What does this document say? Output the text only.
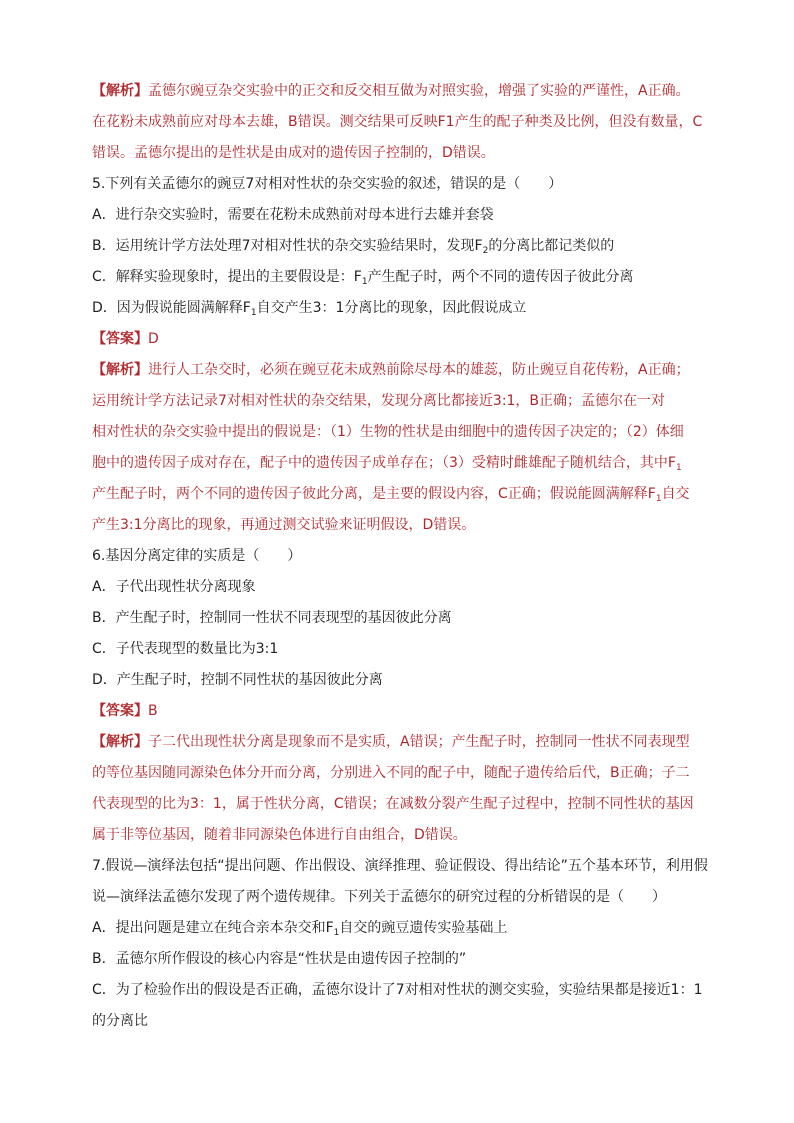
【解析】孟德尔豌豆杂交实验中的正交和反交相互做为对照实验，增强了实验的严谨性，A正确。
在花粉未成熟前应对母本去雄，B错误。测交结果可反映F1产生的配子种类及比例，但没有数量，C
错误。孟德尔提出的是性状是由成对的遗传因子控制的，D错误。
5.下列有关孟德尔的豌豆7对相对性状的杂交实验的叙述，错误的是（　　）
A．进行杂交实验时，需要在花粉未成熟前对母本进行去雄并套袋
B．运用统计学方法处理7对相对性状的杂交实验结果时，发现$F_2$的分离比都记类似的
C．解释实验现象时，提出的主要假设是：$F_1$产生配子时，两个不同的遗传因子彼此分离
D．因为假说能圆满解释$F_1$自交产生3：1分离比的现象，因此假说成立
【答案】D
【解析】进行人工杂交时，必须在豌豆花未成熟前除尽母本的雄蕊，防止豌豆自花传粉，A正确；
运用统计学方法记录7对相对性状的杂交结果，发现分离比都接近3:1，B正确；孟德尔在一对
相对性状的杂交实验中提出的假说是：（1）生物的性状是由细胞中的遗传因子决定的；（2）体细
胞中的遗传因子成对存在，配子中的遗传因子成单存在；（3）受精时雌雄配子随机结合，其中$F_1$
产生配子时，两个不同的遗传因子彼此分离，是主要的假设内容，C正确；假说能圆满解释$F_1$自交
产生3:1分离比的现象，再通过测交试验来证明假设，D错误。
6.基因分离定律的实质是（　　）
A．子代出现性状分离现象
B．产生配子时，控制同一性状不同表现型的基因彼此分离
C．子代表现型的数量比为3:1
D．产生配子时，控制不同性状的基因彼此分离
【答案】B
【解析】子二代出现性状分离是现象而不是实质，A错误；产生配子时，控制同一性状不同表现型
的等位基因随同源染色体分开而分离，分别进入不同的配子中，随配子遗传给后代，B正确；子二
代表现型的比为3：1，属于性状分离，C错误；在减数分裂产生配子过程中，控制不同性状的基因
属于非等位基因，随着非同源染色体进行自由组合，D错误。
7.假说—演绎法包括“提出问题、作出假设、演绎推理、验证假设、得出结论”五个基本环节，利用假
说—演绎法孟德尔发现了两个遗传规律。下列关于孟德尔的研究过程的分析错误的是（　　）
A．提出问题是建立在纯合亲本杂交和$F_1$自交的豌豆遗传实验基础上
B．孟德尔所作假设的核心内容是“性状是由遗传因子控制的”
C．为了检验作出的假设是否正确，孟德尔设计了7对相对性状的测交实验，实验结果都是接近1：1
的分离比
